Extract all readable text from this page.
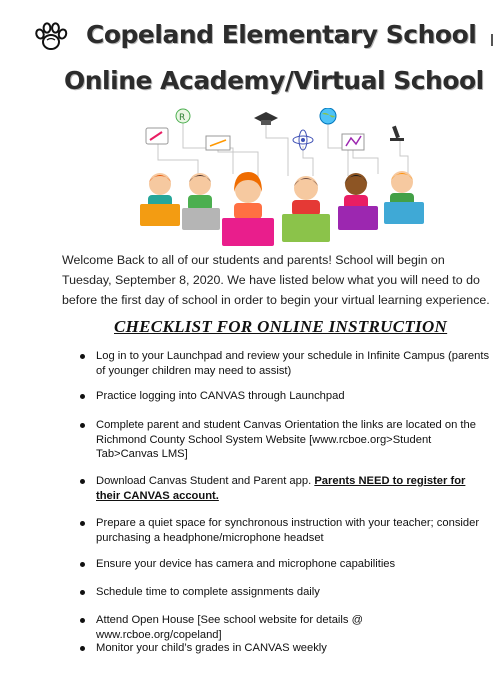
Copeland Elementary School
Online Academy/Virtual School
R
Welcome Back to all of our students and parents! School will begin on Tuesday, September 8, 2020. We have listed below what you will need to do before the first day of school in order to begin your virtual learning experience.
CHECKLIST FOR ONLINE INSTRUCTION
Log in to your Launchpad and review your schedule in Infinite Campus (parents of younger children may need to assist)
Practice logging into CANVAS through Launchpad
Complete parent and student Canvas Orientation the links are located on the Richmond County School System Website [www.rcboe.org>Student Tab>Canvas LMS]
Download Canvas Student and Parent app. Parents NEED to register for their CANVAS account.
Prepare a quiet space for synchronous instruction with your teacher; consider purchasing a headphone/microphone headset
Ensure your device has camera and microphone capabilities
Schedule time to complete assignments daily
Attend Open House [See school website for details @ www.rcboe.org/copeland]
Monitor your child’s grades in CANVAS weekly
